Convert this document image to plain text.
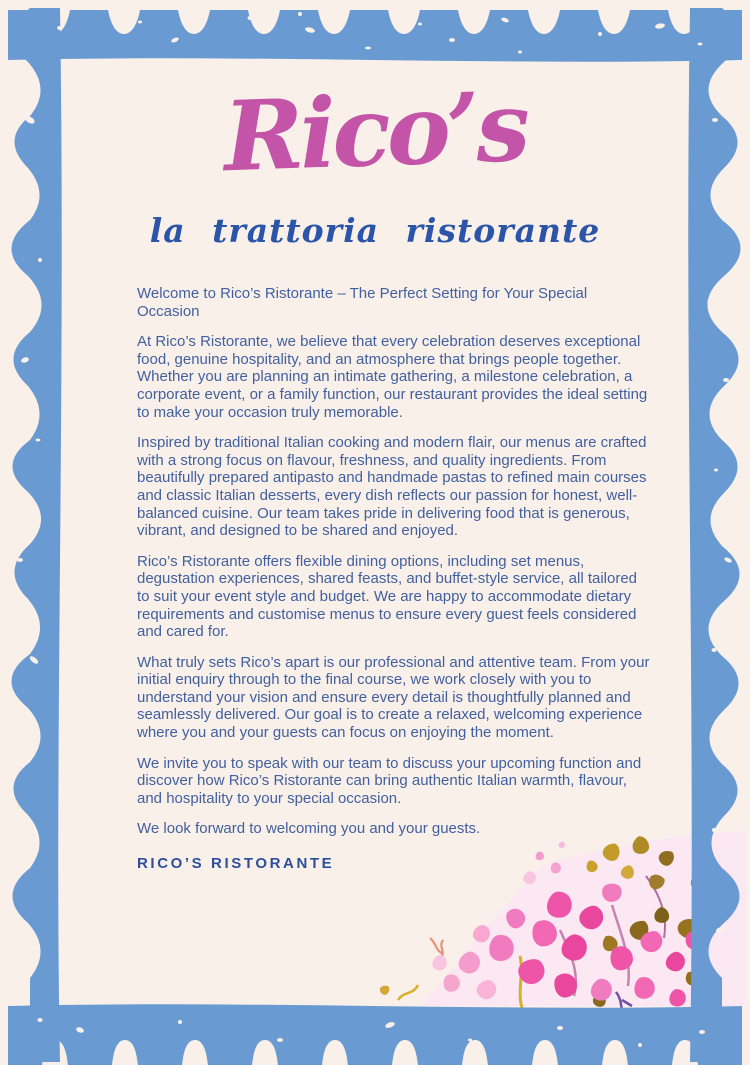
Rico’s
la trattoria ristorante

Welcome to Rico’s Ristorante – The Perfect Setting for Your Special Occasion

At Rico’s Ristorante, we believe that every celebration deserves exceptional food, genuine hospitality, and an atmosphere that brings people together. Whether you are planning an intimate gathering, a milestone celebration, a corporate event, or a family function, our restaurant provides the ideal setting to make your occasion truly memorable.

Inspired by traditional Italian cooking and modern flair, our menus are crafted with a strong focus on flavour, freshness, and quality ingredients. From beautifully prepared antipasto and handmade pastas to refined main courses and classic Italian desserts, every dish reflects our passion for honest, well-balanced cuisine. Our team takes pride in delivering food that is generous, vibrant, and designed to be shared and enjoyed.

Rico’s Ristorante offers flexible dining options, including set menus, degustation experiences, shared feasts, and buffet-style service, all tailored to suit your event style and budget. We are happy to accommodate dietary requirements and customise menus to ensure every guest feels considered and cared for.

What truly sets Rico’s apart is our professional and attentive team. From your initial enquiry through to the final course, we work closely with you to understand your vision and ensure every detail is thoughtfully planned and seamlessly delivered. Our goal is to create a relaxed, welcoming experience where you and your guests can focus on enjoying the moment.

We invite you to speak with our team to discuss your upcoming function and discover how Rico’s Ristorante can bring authentic Italian warmth, flavour, and hospitality to your special occasion.

We look forward to welcoming you and your guests.

RICO’S RISTORANTE
